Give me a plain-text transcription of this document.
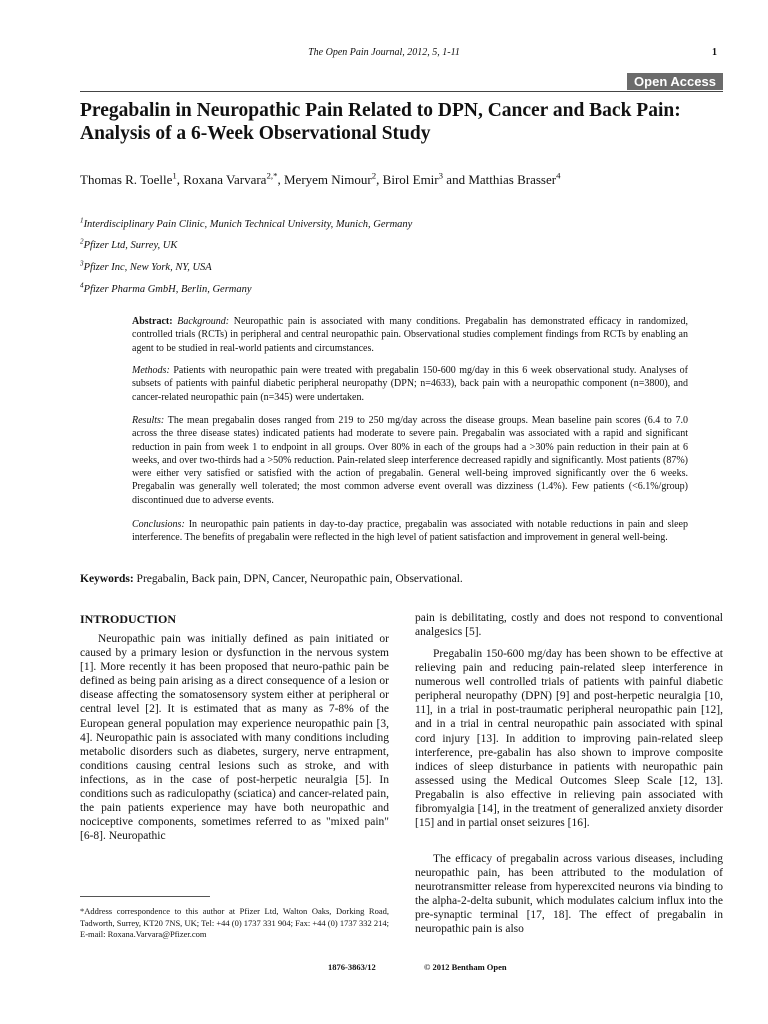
The Open Pain Journal, 2012, 5, 1-11	1
Open Access
Pregabalin in Neuropathic Pain Related to DPN, Cancer and Back Pain: Analysis of a 6-Week Observational Study
Thomas R. Toelle$^1$, Roxana Varvara$^{2,*}$, Meryem Nimour$^2$, Birol Emir$^3$ and Matthias Brasser$^4$
$^1$Interdisciplinary Pain Clinic, Munich Technical University, Munich, Germany
$^2$Pfizer Ltd, Surrey, UK
$^3$Pfizer Inc, New York, NY, USA
$^4$Pfizer Pharma GmbH, Berlin, Germany

Abstract: Background: Neuropathic pain is associated with many conditions. Pregabalin has demonstrated efficacy in randomized, controlled trials (RCTs) in peripheral and central neuropathic pain. Observational studies complement findings from RCTs by enabling an agent to be studied in real-world patients and circumstances.

Methods: Patients with neuropathic pain were treated with pregabalin 150-600 mg/day in this 6 week observational study. Analyses of subsets of patients with painful diabetic peripheral neuropathy (DPN; n=4633), back pain with a neuropathic component (n=3800), and cancer-related neuropathic pain (n=345) were undertaken.

Results: The mean pregabalin doses ranged from 219 to 250 mg/day across the disease groups. Mean baseline pain scores (6.4 to 7.0 across the three disease states) indicated patients had moderate to severe pain. Pregabalin was associated with a rapid and significant reduction in pain from week 1 to endpoint in all groups. Over 80% in each of the groups had a >30% pain reduction in their pain at 6 weeks, and over two-thirds had a >50% reduction. Pain-related sleep interference decreased rapidly and significantly. Most patients (87%) were either very satisfied or satisfied with the action of pregabalin. General well-being improved significantly over the 6 weeks. Pregabalin was generally well tolerated; the most common adverse event overall was dizziness (1.4%). Few patients (<6.1%/group) discontinued due to adverse events.

Conclusions: In neuropathic pain patients in day-to-day practice, pregabalin was associated with notable reductions in pain and sleep interference. The benefits of pregabalin were reflected in the high level of patient satisfaction and improvement in general well-being.

Keywords: Pregabalin, Back pain, DPN, Cancer, Neuropathic pain, Observational.
INTRODUCTION

Neuropathic pain was initially defined as pain initiated or caused by a primary lesion or dysfunction in the nervous system [1]. More recently it has been proposed that neuro-pathic pain be defined as being pain arising as a direct consequence of a lesion or disease affecting the somatosensory system either at peripheral or central level [2]. It is estimated that as many as 7-8% of the European general population may experience neuropathic pain [3, 4]. Neuropathic pain is associated with many conditions including metabolic disorders such as diabetes, surgery, nerve entrapment, conditions causing central lesions such as stroke, and with infections, as in the case of post-herpetic neuralgia [5]. In conditions such as radiculopathy (sciatica) and cancer-related pain, the pain patients experience may have both neuropathic and nociceptive components, sometimes referred to as "mixed pain" [6-8]. Neuropathic

pain is debilitating, costly and does not respond to conventional analgesics [5].

Pregabalin 150-600 mg/day has been shown to be effective at relieving pain and reducing pain-related sleep interference in numerous well controlled trials of patients with painful diabetic peripheral neuropathy (DPN) [9] and post-herpetic neuralgia [10, 11], in a trial in post-traumatic peripheral neuropathic pain [12], and in a trial in central neuropathic pain associated with spinal cord injury [13]. In addition to improving pain-related sleep interference, pre-gabalin has also shown to improve composite indices of sleep disturbance in patients with neuropathic pain assessed using the Medical Outcomes Sleep Scale [12, 13]. Pregabalin is also effective in relieving pain associated with fibromyalgia [14], in the treatment of generalized anxiety disorder [15] and in partial onset seizures [16].

The efficacy of pregabalin across various diseases, including neuropathic pain, has been attributed to the modulation of neurotransmitter release from hyperexcited neurons via binding to the alpha-2-delta subunit, which modulates calcium influx into the pre-synaptic terminal [17, 18]. The effect of pregabalin in neuropathic pain is also

*Address correspondence to this author at Pfizer Ltd, Walton Oaks, Dorking Road, Tadworth, Surrey, KT20 7NS, UK; Tel: +44 (0) 1737 331 904; Fax: +44 (0) 1737 332 214; E-mail: Roxana.Varvara@Pfizer.com

1876-3863/12	© 2012 Bentham Open
